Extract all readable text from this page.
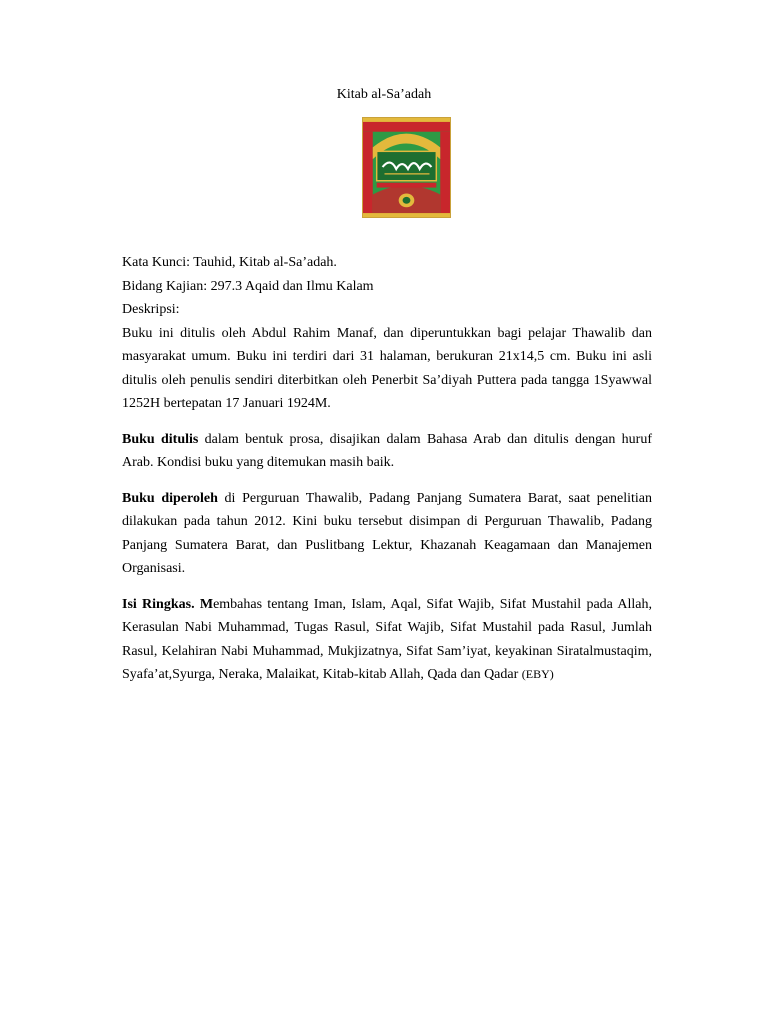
Kitab al-Sa’adah

Kata Kunci: Tauhid, Kitab al-Sa’adah.

Bidang Kajian: 297.3 Aqaid dan Ilmu Kalam

Deskripsi:

Buku ini ditulis oleh Abdul Rahim Manaf, dan diperuntukkan bagi pelajar Thawalib dan masyarakat umum. Buku ini terdiri dari 31 halaman, berukuran 21x14,5 cm. Buku ini asli ditulis oleh penulis sendiri diterbitkan oleh Penerbit Sa’diyah Puttera pada tangga 1Syawwal 1252H bertepatan 17 Januari 1924M.

Buku ditulis dalam bentuk prosa, disajikan dalam Bahasa Arab dan ditulis dengan huruf Arab. Kondisi buku yang ditemukan masih baik.

Buku diperoleh di Perguruan Thawalib, Padang Panjang Sumatera Barat, saat penelitian dilakukan pada tahun 2012. Kini buku tersebut disimpan di Perguruan Thawalib, Padang Panjang Sumatera Barat, dan Puslitbang Lektur, Khazanah Keagamaan dan Manajemen Organisasi.

Isi Ringkas. Membahas tentang Iman, Islam, Aqal, Sifat Wajib, Sifat Mustahil pada Allah, Kerasulan Nabi Muhammad, Tugas Rasul, Sifat Wajib, Sifat Mustahil pada Rasul, Jumlah Rasul, Kelahiran Nabi Muhammad, Mukjizatnya, Sifat Sam’iyat, keyakinan Siratalmustaqim, Syafa’at,Syurga, Neraka, Malaikat, Kitab-kitab Allah, Qada dan Qadar (EBY)
